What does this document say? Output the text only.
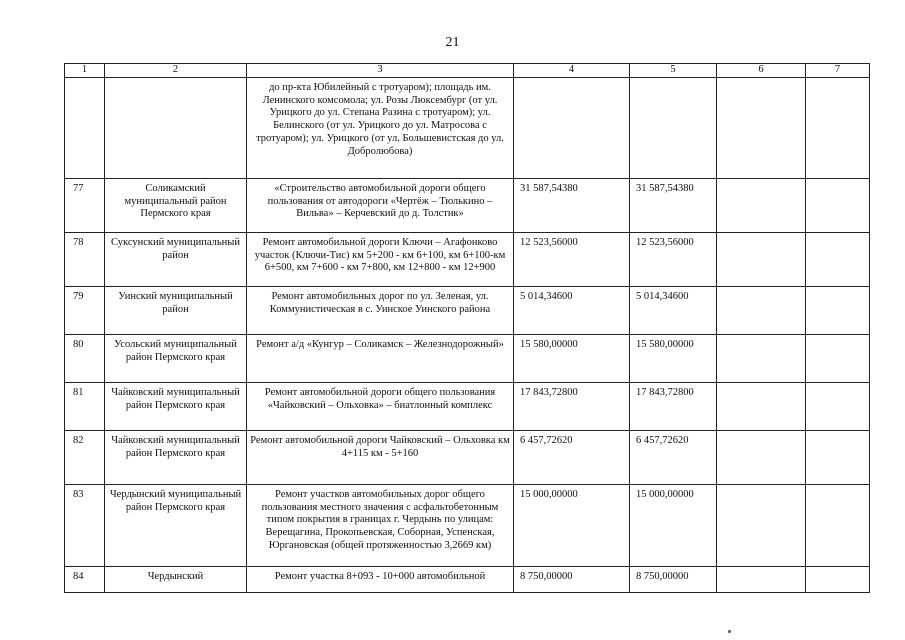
21
1	2	3	4	5	6	7
		до пр-кта Юбилейный с тротуаром); площадь им. Ленинского комсомола; ул. Розы Люксембург (от ул. Урицкого до ул. Степана Разина с тротуаром); ул. Белинского (от ул. Урицкого до ул. Матросова с тротуаром); ул. Урицкого (от ул. Большевистская до ул. Добролюбова)				
77	Соликамский муниципальный район Пермского края	«Строительство автомобильной дороги общего пользования от автодороги «Чертёж – Тюлькино – Вильва» – Керчевский до д. Толстик»	31 587,54380	31 587,54380		
78	Суксунский муниципальный район	Ремонт автомобильной дороги Ключи – Агафонково участок (Ключи-Тис) км 5+200 - км 6+100, км 6+100-км 6+500, км 7+600 - км 7+800, км 12+800 - км 12+900	12 523,56000	12 523,56000		
79	Уинский муниципальный район	Ремонт автомобильных дорог по ул. Зеленая, ул. Коммунистическая в с. Уинское Уинского района	5 014,34600	5 014,34600		
80	Усольский муниципальный район Пермского края	Ремонт а/д «Кунгур – Соликамск – Железнодорожный»	15 580,00000	15 580,00000		
81	Чайковский муниципальный район Пермского края	Ремонт автомобильной дороги общего пользования «Чайковский – Ольховка» – биатлонный комплекс	17 843,72800	17 843,72800		
82	Чайковский муниципальный район Пермского края	Ремонт автомобильной дороги Чайковский – Ольховка км 4+115 км - 5+160	6 457,72620	6 457,72620		
83	Чердынский муниципальный район Пермского края	Ремонт участков автомобильных дорог общего пользования местного значения с асфальтобетонным типом покрытия в границах г. Чердынь по улицам: Верещагина, Прокопьевская, Соборная, Успенская, Юргановская (общей протяженностью 3,2669 км)	15 000,00000	15 000,00000		
84	Чердынский	Ремонт участка 8+093 - 10+000 автомобильной	8 750,00000	8 750,00000		
